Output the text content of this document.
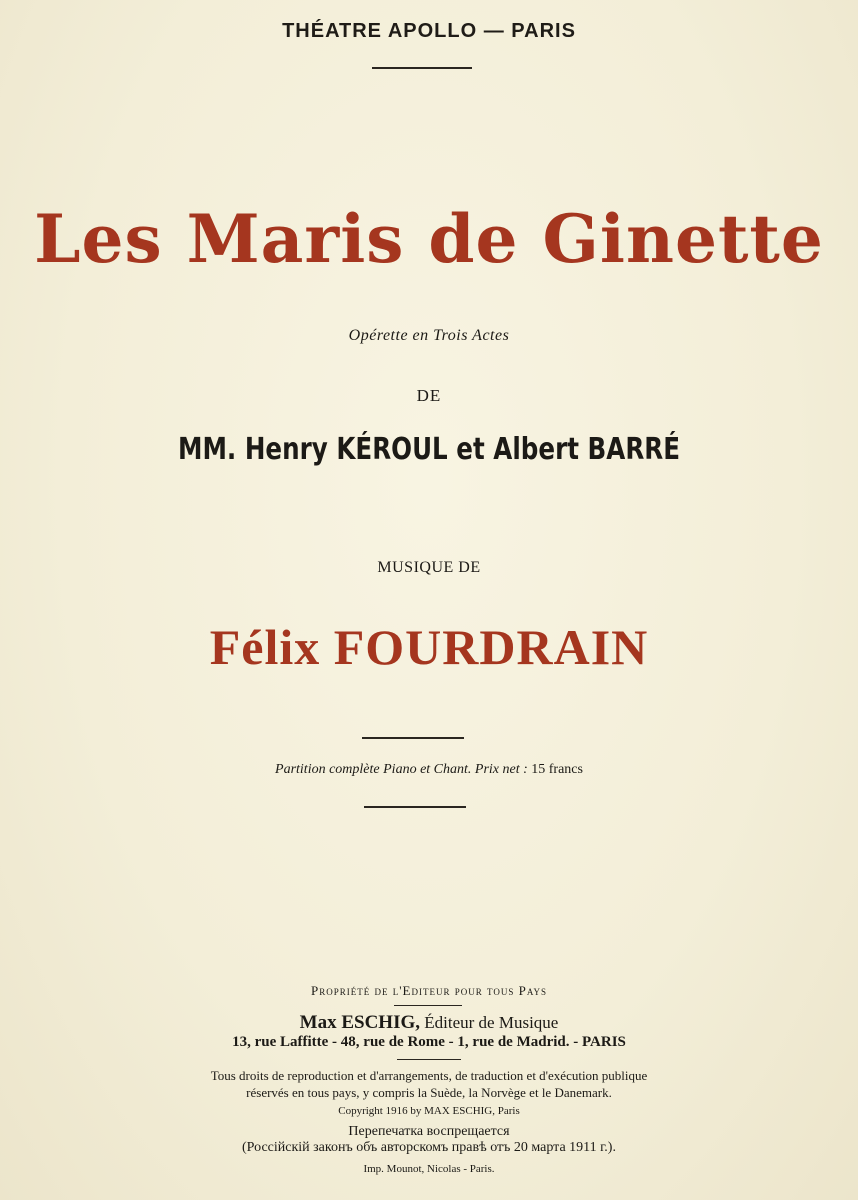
THÉATRE APOLLO — PARIS
Les Maris de Ginette
Opérette en Trois Actes
DE
MM. Henry KÉROUL et Albert BARRÉ
MUSIQUE DE
Félix FOURDRAIN
Partition complète Piano et Chant. Prix net : 15 francs
Propriété de l'Editeur pour tous Pays
Max ESCHIG, Éditeur de Musique
13, rue Laffitte - 48, rue de Rome - 1, rue de Madrid. - PARIS
Tous droits de reproduction et d'arrangements, de traduction et d'exécution publique
réservés en tous pays, y compris la Suède, la Norvège et le Danemark.
Copyright 1916 by MAX ESCHIG, Paris
Перепечатка воспрещается
(Россiйскiй законъ объ авторскомъ правѣ отъ 20 марта 1911 г.).
Imp. Mounot, Nicolas - Paris.
